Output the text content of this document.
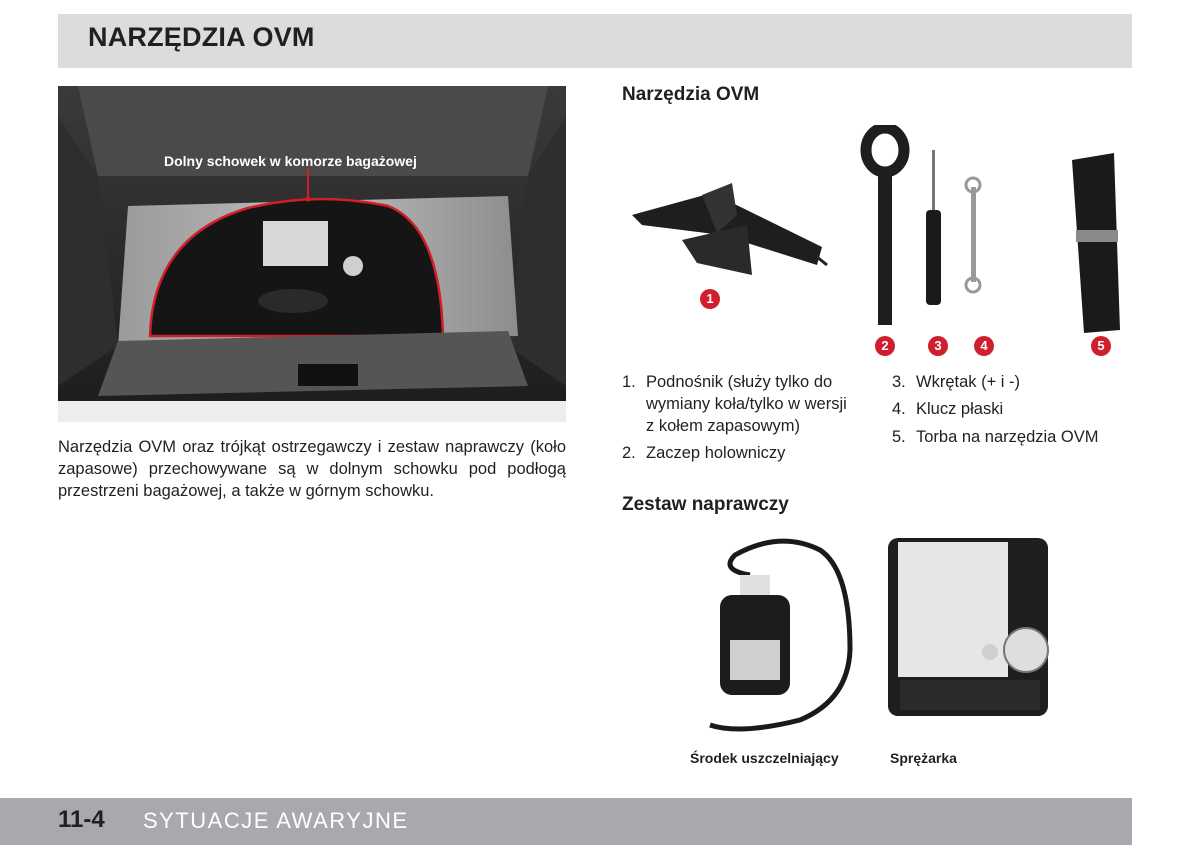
NARZĘDZIA OVM
Dolny schowek w komorze bagażowej
Narzędzia OVM oraz trójkąt ostrzegawczy i zestaw naprawczy (koło zapasowe) przechowywane są w dolnym schowku pod podłogą przestrzeni bagażowej, a także w górnym schowku.
Narzędzia OVM
1
2	3	4	5
1. Podnośnik (służy tylko do
wymiany koła/tylko w wersji
z kołem zapasowym)
2. Zaczep holowniczy
3. Wkrętak (+ i -)
4. Klucz płaski
5. Torba na narzędzia OVM
Zestaw naprawczy
Środek uszczelniający	Sprężarka
11-4 SYTUACJE AWARYJNE
